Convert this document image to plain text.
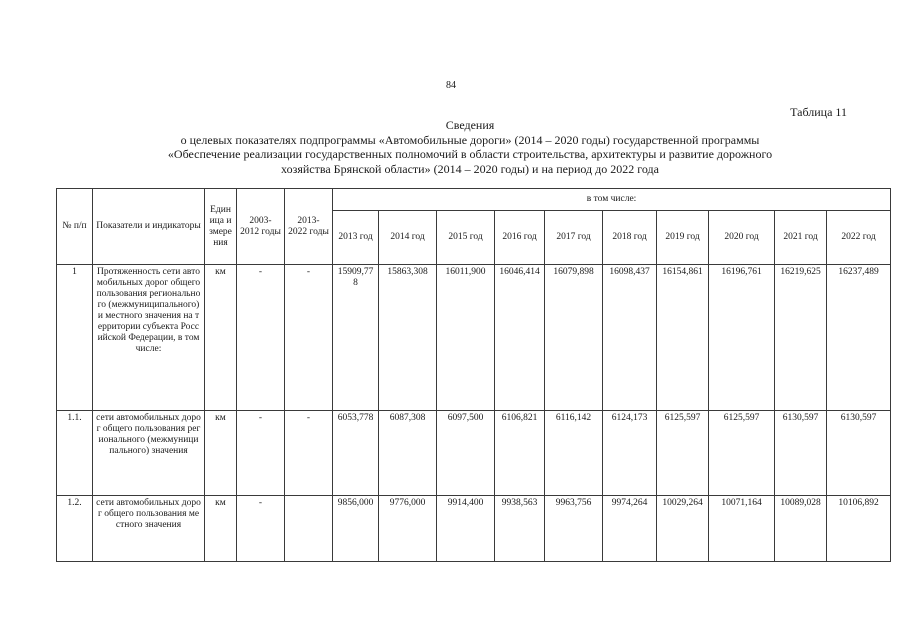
84
Таблица 11
Сведения
о целевых показателях подпрограммы «Автомобильные дороги» (2014 – 2020 годы) государственной программы
«Обеспечение реализации государственных полномочий в области строительства, архитектуры и развитие дорожного
хозяйства Брянской области» (2014 – 2020 годы) и на период до 2022 года
№ п/п	Показатели и индикаторы	Единица измерения	2003-2012 годы	2013-2022 годы	в том числе:									
					2013 год	2014 год	2015 год	2016 год	2017 год	2018 год	2019 год	2020 год	2021 год	2022 год
1	Протяженность сети автомобильных дорог общего пользования регионального (межмуниципального) и местного значения на территории субъекта Российской Федерации, в том числе:	км	-	-	15909,778	15863,308	16011,900	16046,414	16079,898	16098,437	16154,861	16196,761	16219,625	16237,489
1.1.	сети автомобильных дорог общего пользования регионального (межмуниципального) значения	км	-	-	6053,778	6087,308	6097,500	6106,821	6116,142	6124,173	6125,597	6125,597	6130,597	6130,597
1.2.	сети автомобильных дорог общего пользования местного значения	км	-		9856,000	9776,000	9914,400	9938,563	9963,756	9974,264	10029,264	10071,164	10089,028	10106,892
